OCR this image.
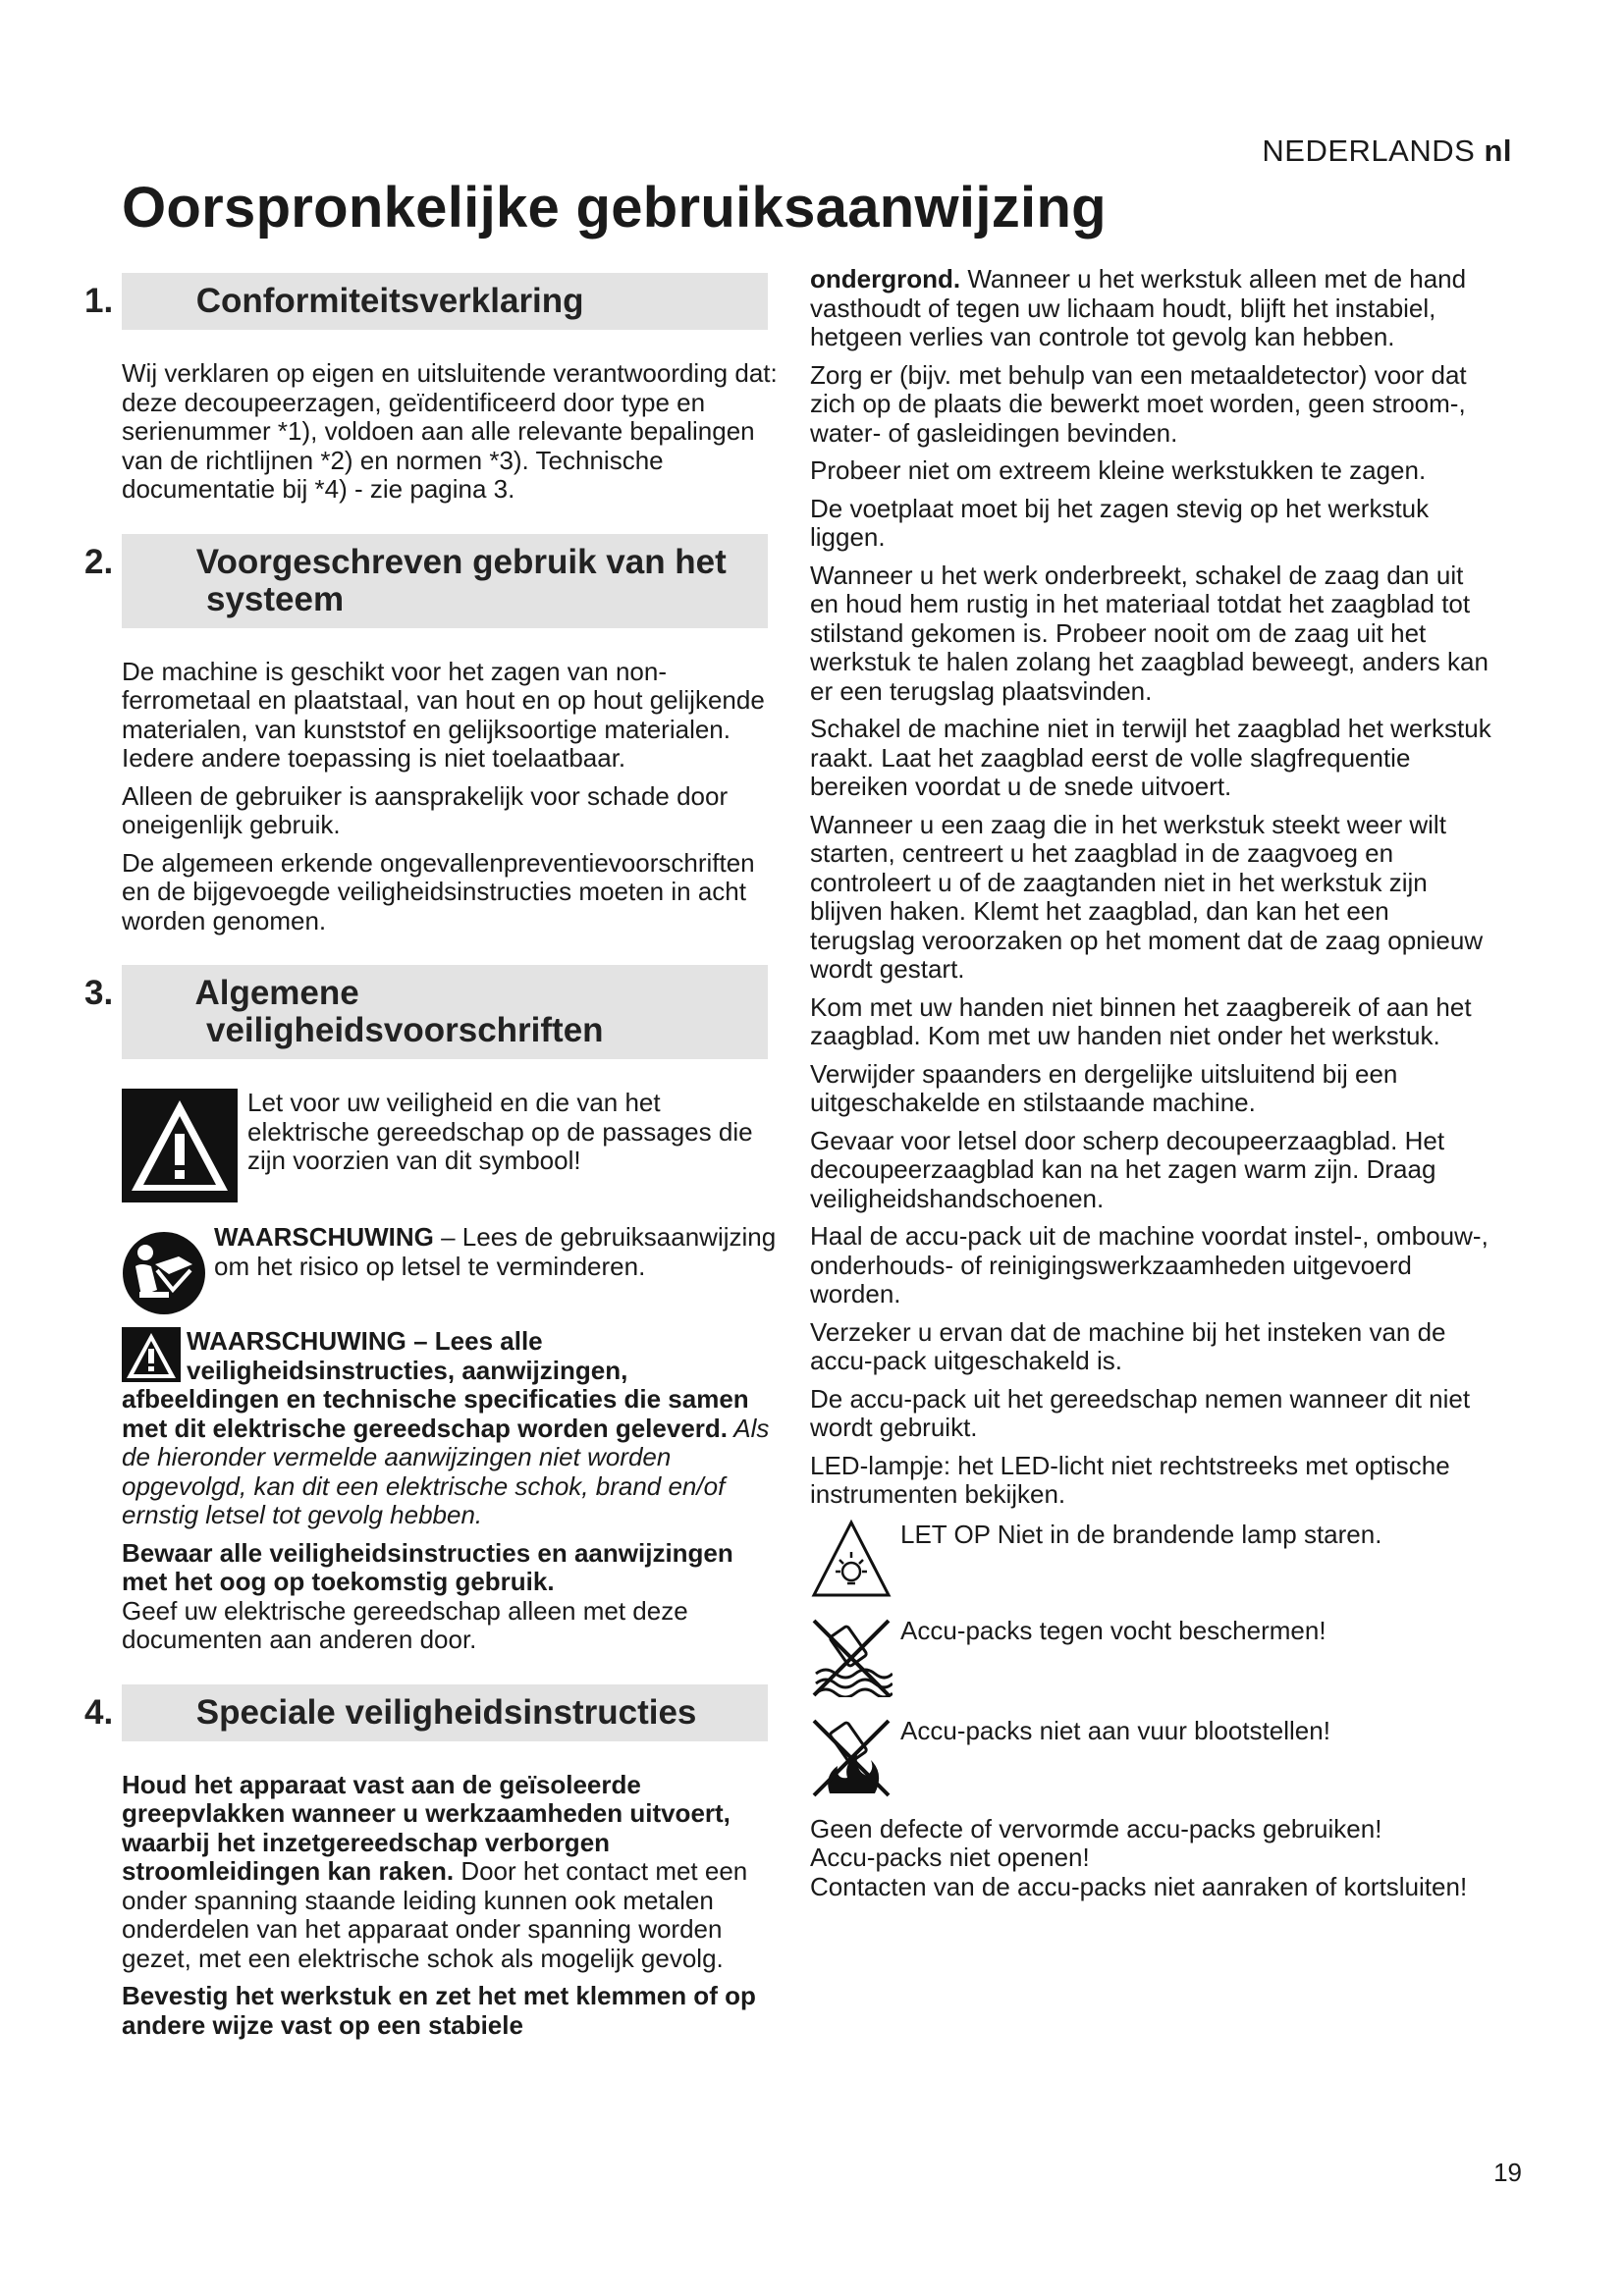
NEDERLANDS nl
Oorspronkelijke gebruiksaanwijzing
1. Conformiteitsverklaring

Wij verklaren op eigen en uitsluitende verantwoording dat: deze decoupeerzagen, geïdentificeerd door type en serienummer *1), voldoen aan alle relevante bepalingen van de richtlijnen *2) en normen *3). Technische documentatie bij *4) - zie pagina 3.

2. Voorgeschreven gebruik van het systeem

De machine is geschikt voor het zagen van non-ferrometaal en plaatstaal, van hout en op hout gelijkende materialen, van kunststof en gelijksoortige materialen. Iedere andere toepassing is niet toelaatbaar.

Alleen de gebruiker is aansprakelijk voor schade door oneigenlijk gebruik.

De algemeen erkende ongevallenpreventievoorschriften en de bijgevoegde veiligheidsinstructies moeten in acht worden genomen.

3. Algemene veiligheidsvoorschriften

Let voor uw veiligheid en die van het elektrische gereedschap op de passages die zijn voorzien van dit symbool!

WAARSCHUWING – Lees de gebruiksaanwijzing om het risico op letsel te verminderen.

WAARSCHUWING – Lees alle veiligheidsinstructies, aanwijzingen, afbeeldingen en technische specificaties die samen met dit elektrische gereedschap worden geleverd. Als de hieronder vermelde aanwijzingen niet worden opgevolgd, kan dit een elektrische schok, brand en/of ernstig letsel tot gevolg hebben.

Bewaar alle veiligheidsinstructies en aanwijzingen met het oog op toekomstig gebruik.
Geef uw elektrische gereedschap alleen met deze documenten aan anderen door.

4. Speciale veiligheidsinstructies

Houd het apparaat vast aan de geïsoleerde greepvlakken wanneer u werkzaamheden uitvoert, waarbij het inzetgereedschap verborgen stroomleidingen kan raken. Door het contact met een onder spanning staande leiding kunnen ook metalen onderdelen van het apparaat onder spanning worden gezet, met een elektrische schok als mogelijk gevolg.

Bevestig het werkstuk en zet het met klemmen of op andere wijze vast op een stabiele

ondergrond. Wanneer u het werkstuk alleen met de hand vasthoudt of tegen uw lichaam houdt, blijft het instabiel, hetgeen verlies van controle tot gevolg kan hebben.

Zorg er (bijv. met behulp van een metaaldetector) voor dat zich op de plaats die bewerkt moet worden, geen stroom-, water- of gasleidingen bevinden.

Probeer niet om extreem kleine werkstukken te zagen.

De voetplaat moet bij het zagen stevig op het werkstuk liggen.

Wanneer u het werk onderbreekt, schakel de zaag dan uit en houd hem rustig in het materiaal totdat het zaagblad tot stilstand gekomen is. Probeer nooit om de zaag uit het werkstuk te halen zolang het zaagblad beweegt, anders kan er een terugslag plaatsvinden.

Schakel de machine niet in terwijl het zaagblad het werkstuk raakt. Laat het zaagblad eerst de volle slagfrequentie bereiken voordat u de snede uitvoert.

Wanneer u een zaag die in het werkstuk steekt weer wilt starten, centreert u het zaagblad in de zaagvoeg en controleert u of de zaagtanden niet in het werkstuk zijn blijven haken. Klemt het zaagblad, dan kan het een terugslag veroorzaken op het moment dat de zaag opnieuw wordt gestart.

Kom met uw handen niet binnen het zaagbereik of aan het zaagblad. Kom met uw handen niet onder het werkstuk.

Verwijder spaanders en dergelijke uitsluitend bij een uitgeschakelde en stilstaande machine.

Gevaar voor letsel door scherp decoupeerzaagblad. Het decoupeerzaagblad kan na het zagen warm zijn. Draag veiligheidshandschoenen.

Haal de accu-pack uit de machine voordat instel-, ombouw-, onderhouds- of reinigingswerkzaamheden uitgevoerd worden.

Verzeker u ervan dat de machine bij het insteken van de accu-pack uitgeschakeld is.

De accu-pack uit het gereedschap nemen wanneer dit niet wordt gebruikt.

LED-lampje: het LED-licht niet rechtstreeks met optische instrumenten bekijken.

LET OP Niet in de brandende lamp staren.

Accu-packs tegen vocht beschermen!

Accu-packs niet aan vuur blootstellen!

Geen defecte of vervormde accu-packs gebruiken!
Accu-packs niet openen!
Contacten van de accu-packs niet aanraken of kortsluiten!

19
